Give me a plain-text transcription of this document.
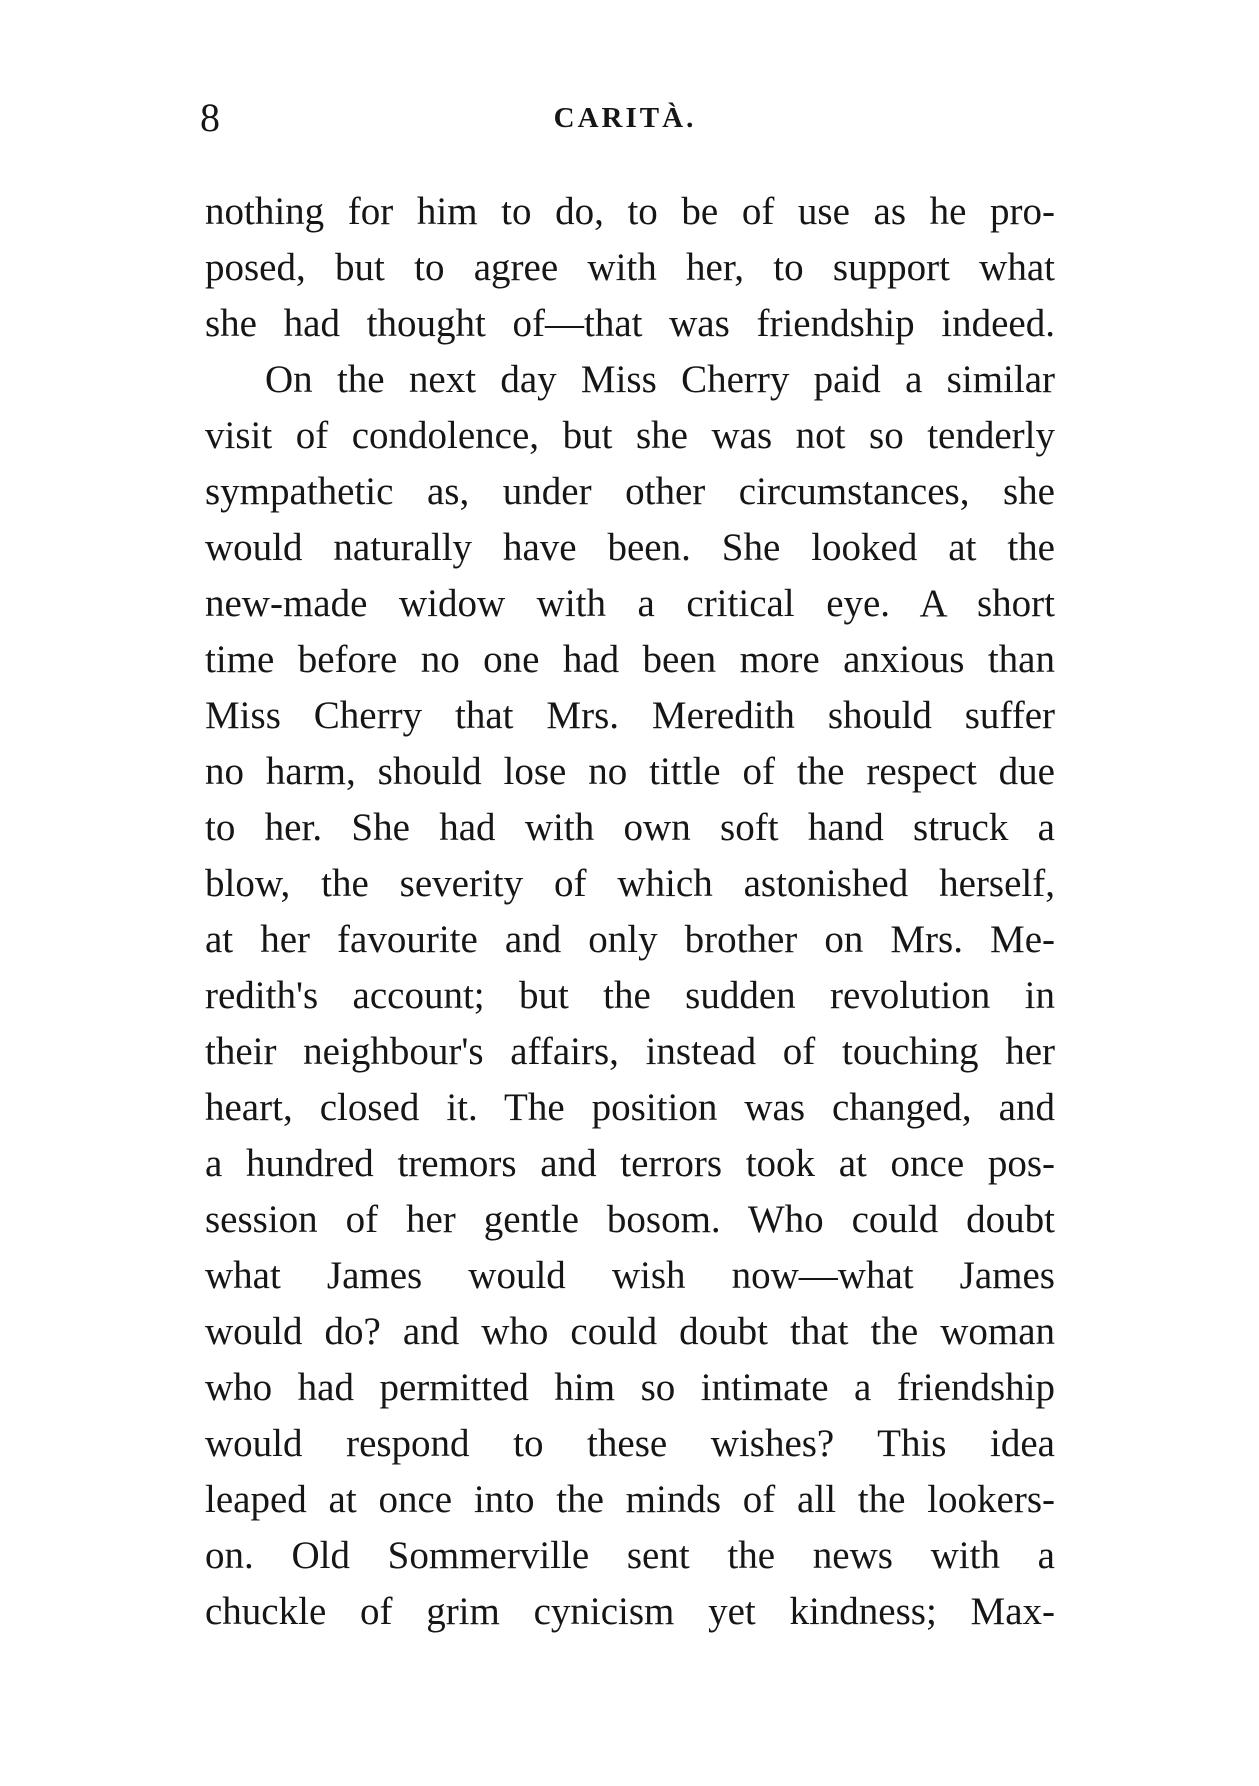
8	CARITÀ.
nothing for him to do, to be of use as he pro-
posed, but to agree with her, to support what
she had thought of—that was friendship indeed.
On the next day Miss Cherry paid a similar
visit of condolence, but she was not so tenderly
sympathetic as, under other circumstances, she
would naturally have been. She looked at the
new-made widow with a critical eye. A short
time before no one had been more anxious than
Miss Cherry that Mrs. Meredith should suffer
no harm, should lose no tittle of the respect due
to her. She had with own soft hand struck a
blow, the severity of which astonished herself,
at her favourite and only brother on Mrs. Me-
redith's account; but the sudden revolution in
their neighbour's affairs, instead of touching her
heart, closed it. The position was changed, and
a hundred tremors and terrors took at once pos-
session of her gentle bosom. Who could doubt
what James would wish now—what James
would do? and who could doubt that the woman
who had permitted him so intimate a friendship
would respond to these wishes? This idea
leaped at once into the minds of all the lookers-
on. Old Sommerville sent the news with a
chuckle of grim cynicism yet kindness; Max-
